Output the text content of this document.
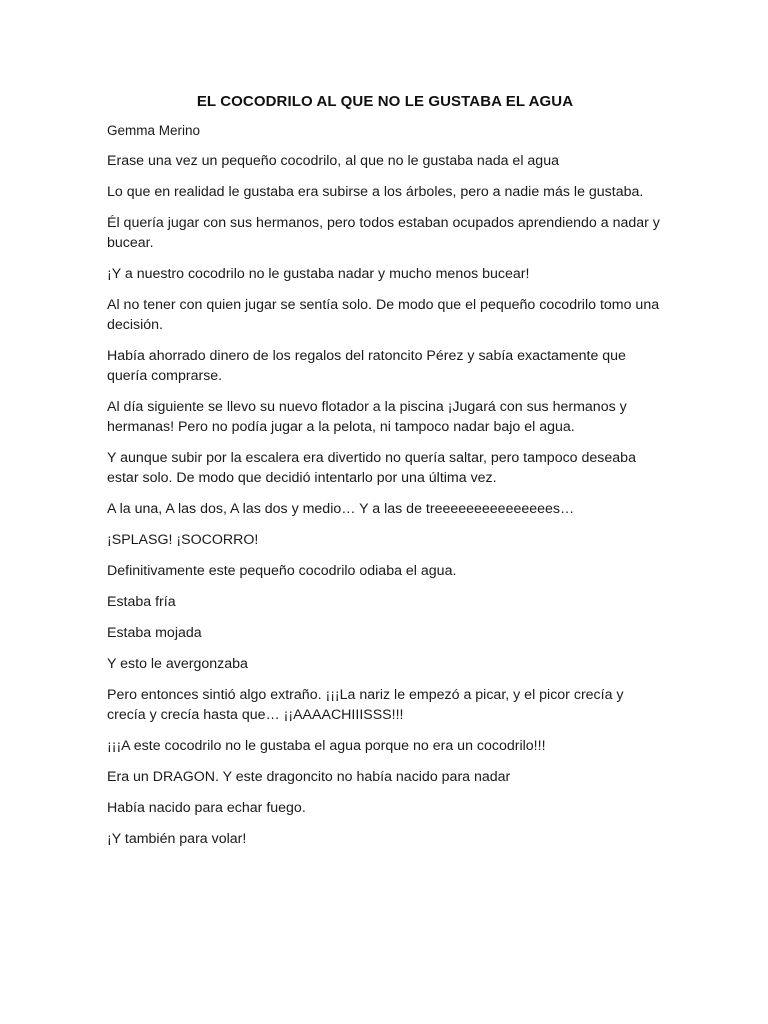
EL COCODRILO AL QUE NO LE GUSTABA EL AGUA
Gemma Merino
Erase una vez un pequeño cocodrilo, al que no le gustaba nada el agua
Lo que en realidad le gustaba era subirse a los árboles, pero a nadie más le gustaba.
Él quería jugar con sus hermanos, pero todos estaban ocupados aprendiendo a nadar y bucear.
¡Y a nuestro cocodrilo no le gustaba nadar y mucho menos bucear!
Al no tener con quien jugar se sentía solo. De modo que el pequeño cocodrilo tomo una decisión.
Había ahorrado dinero de los regalos del ratoncito Pérez y sabía exactamente que quería comprarse.
Al día siguiente se llevo su nuevo flotador a la piscina ¡Jugará con sus hermanos y hermanas! Pero no podía jugar a la pelota, ni tampoco nadar bajo el agua.
Y aunque subir por la escalera era divertido no quería saltar, pero tampoco deseaba estar solo. De modo que decidió intentarlo por una última vez.
A la una, A las dos, A las dos y medio… Y a las de treeeeeeeeeeeeeees…
¡SPLASG! ¡SOCORRO!
Definitivamente este pequeño cocodrilo odiaba el agua.
Estaba fría
Estaba mojada
Y esto le avergonzaba
Pero entonces sintió algo extraño. ¡¡¡La nariz le empezó a picar, y el picor crecía y crecía y crecía hasta que… ¡¡AAAACHIIISSS!!!
¡¡¡A este cocodrilo no le gustaba el agua porque no era un cocodrilo!!!
Era un DRAGON. Y este dragoncito no había nacido para nadar
Había nacido para echar fuego.
¡Y también para volar!
